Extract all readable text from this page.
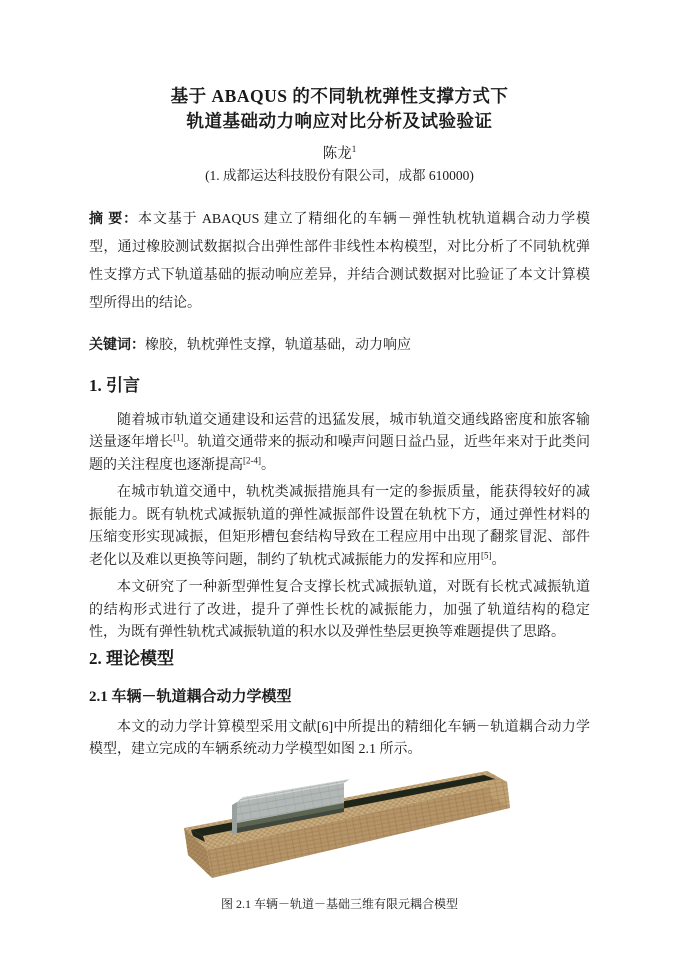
基于 ABAQUS 的不同轨枕弹性支撑方式下
轨道基础动力响应对比分析及试验验证
陈龙$^1$
(1. 成都运达科技股份有限公司，成都 610000)

摘 要：本文基于 ABAQUS 建立了精细化的车辆－弹性轨枕轨道耦合动力学模型，通过橡胶测试数据拟合出弹性部件非线性本构模型，对比分析了不同轨枕弹性支撑方式下轨道基础的振动响应差异，并结合测试数据对比验证了本文计算模型所得出的结论。

关键词：橡胶，轨枕弹性支撑，轨道基础，动力响应

1. 引言

随着城市轨道交通建设和运营的迅猛发展，城市轨道交通线路密度和旅客输送量逐年增长[1]。轨道交通带来的振动和噪声问题日益凸显，近些年来对于此类问题的关注程度也逐渐提高[2-4]。

在城市轨道交通中，轨枕类减振措施具有一定的参振质量，能获得较好的减振能力。既有轨枕式减振轨道的弹性减振部件设置在轨枕下方，通过弹性材料的压缩变形实现减振，但矩形槽包套结构导致在工程应用中出现了翻浆冒泥、部件老化以及难以更换等问题，制约了轨枕式减振能力的发挥和应用[5]。

本文研究了一种新型弹性复合支撑长枕式减振轨道，对既有长枕式减振轨道的结构形式进行了改进，提升了弹性长枕的减振能力，加强了轨道结构的稳定性，为既有弹性轨枕式减振轨道的积水以及弹性垫层更换等难题提供了思路。

2. 理论模型
2.1 车辆－轨道耦合动力学模型

本文的动力学计算模型采用文献[6]中所提出的精细化车辆－轨道耦合动力学模型，建立完成的车辆系统动力学模型如图 2.1 所示。

图 2.1 车辆－轨道－基础三维有限元耦合模型
